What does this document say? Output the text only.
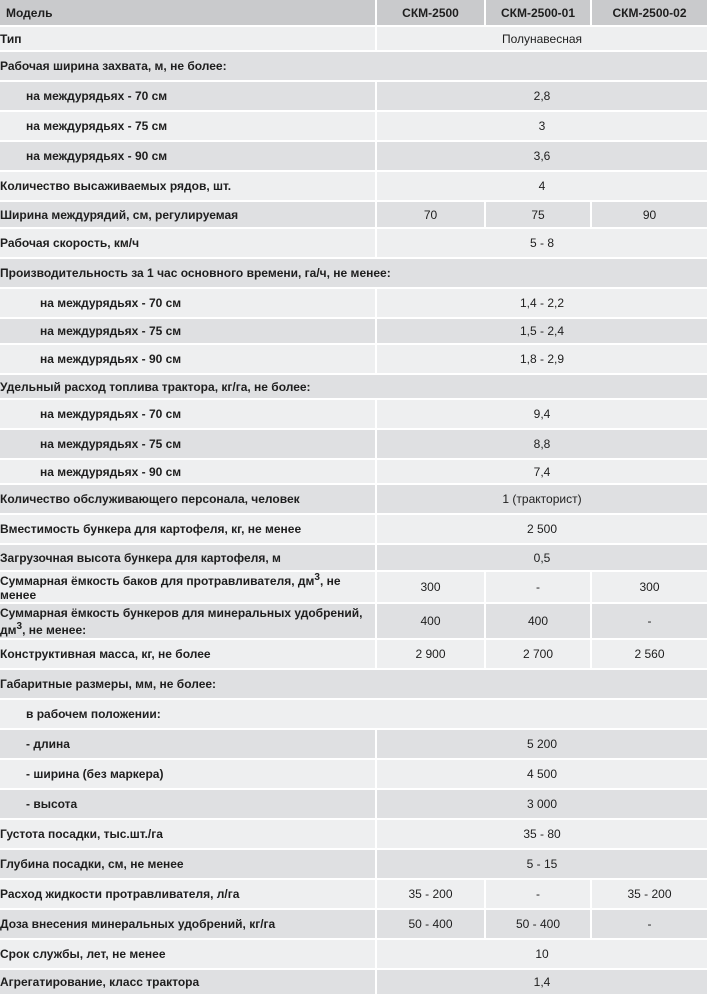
Модель	СКМ-2500	СКМ-2500-01	СКМ-2500-02
Тип	Полунавесная		
Рабочая ширина захвата, м, не более:			
на междурядьях - 70 см	2,8		
на междурядьях - 75 см	3		
на междурядьях - 90 см	3,6		
Количество высаживаемых рядов, шт.	4		
Ширина междурядий, см, регулируемая	70	75	90
Рабочая скорость, км/ч	5 - 8		
Производительность за 1 час основного времени, га/ч, не менее:			
на междурядьях - 70 см	1,4 - 2,2		
на междурядьях - 75 см	1,5 - 2,4		
на междурядьях - 90 см	1,8 - 2,9		
Удельный расход топлива трактора, кг/га, не более:			
на междурядьях - 70 см	9,4		
на междурядьях - 75 см	8,8		
на междурядьях - 90 см	7,4		
Количество обслуживающего персонала, человек	1 (тракторист)		
Вместимость бункера для картофеля, кг, не менее	2 500		
Загрузочная высота бункера для картофеля, м	0,5		
Суммарная ёмкость баков для протравливателя, $дм^3$, не менее	300	-	300
Суммарная ёмкость бункеров для минеральных удобрений,
$дм^3$, не менее:	400	400	-
Конструктивная масса, кг, не более	2 900	2 700	2 560
Габаритные размеры, мм, не более:			
в рабочем положении:			
- длина	5 200		
- ширина (без маркера)	4 500		
- высота	3 000		
Густота посадки, тыс.шт./га	35 - 80		
Глубина посадки, см, не менее	5 - 15		
Расход жидкости протравливателя, л/га	35 - 200	-	35 - 200
Доза внесения минеральных удобрений, кг/га	50 - 400	50 - 400	-
Срок службы, лет, не менее	10		
Агрегатирование, класс трактора	1,4		
